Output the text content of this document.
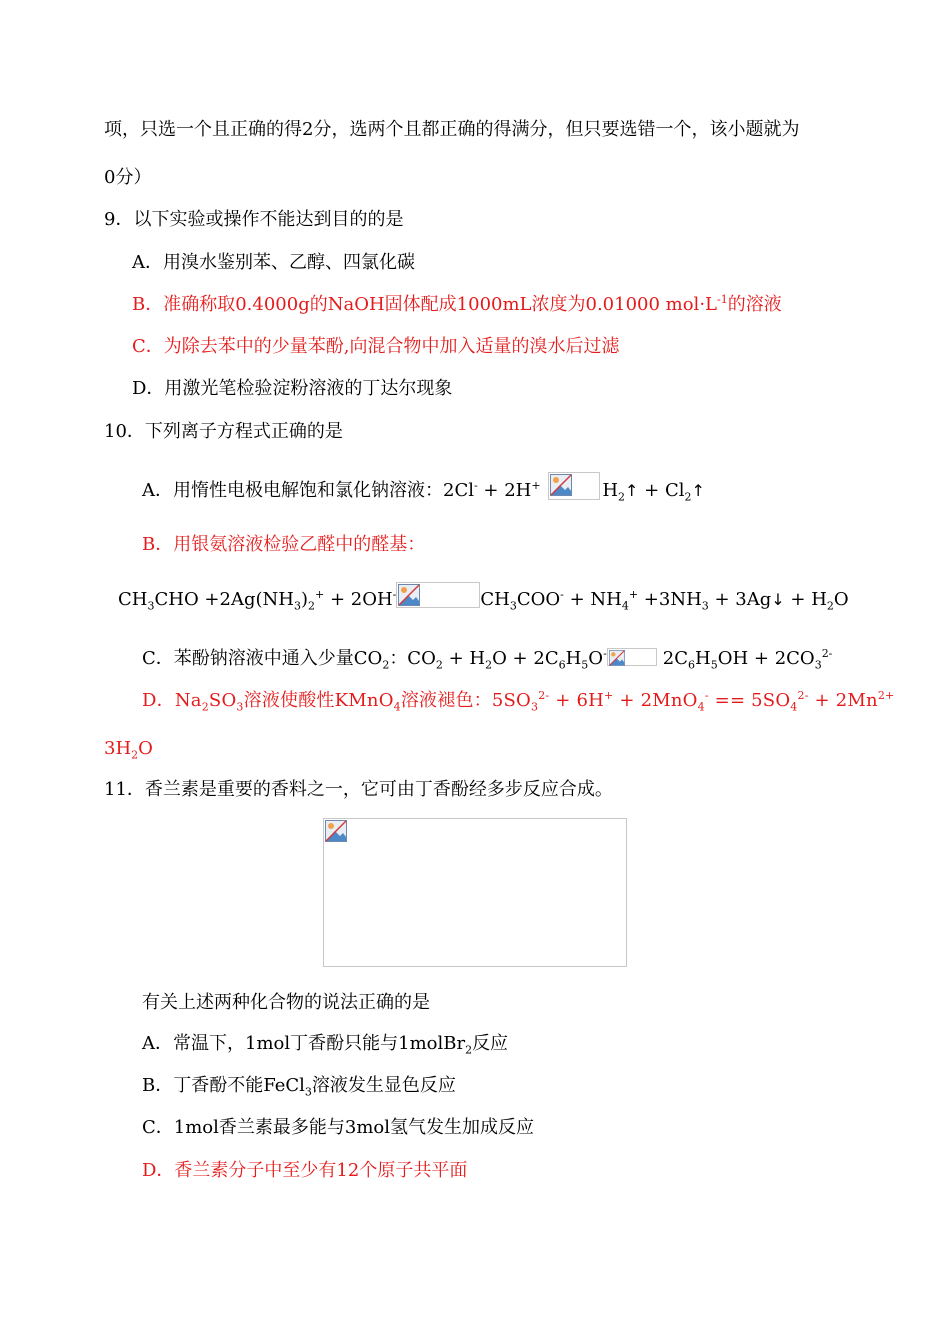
项，只选一个且正确的得2分，选两个且都正确的得满分，但只要选错一个，该小题就为
0分）
9．以下实验或操作不能达到目的的是
A．用溴水鉴别苯、乙醇、四氯化碳
B．准确称取0.4000g的NaOH固体配成1000mL浓度为0.01000 $mol\cdot L^{-1}$的溶液
C．为除去苯中的少量苯酚,向混合物中加入适量的溴水后过滤
D．用激光笔检验淀粉溶液的丁达尔现象
10．下列离子方程式正确的是
A．用惰性电极电解饱和氯化钠溶液：2Cl- + 2H+	$H_2↑$ + $Cl_2↑$
B．用银氨溶液检验乙醛中的醛基：
$CH_3CHO +2Ag(NH_3)_2^+ + 2OH^-$	$CH_3COO^- + NH_4^+ +3NH_3$ + 3Ag↓ + $H_2O$
C．苯酚钠溶液中通入少量$CO_2$：$CO_2 + H_2O + 2C_6H_5O^-$	$2C_6H_5OH + 2CO_3^{2-}$
D．$Na_2SO_3$溶液使酸性KMnO$_4$溶液褪色：$5SO_3^{2-} + 6H^+ + 2MnO_4^- == 5SO_4^{2-} + 2Mn^{2+}$
$3H_2O$
11．香兰素是重要的香料之一，它可由丁香酚经多步反应合成。
有关上述两种化合物的说法正确的是
A．常温下，1mol丁香酚只能与1molBr$_2$反应
B．丁香酚不能FeCl$_3$溶液发生显色反应
C．1mol香兰素最多能与3mol氢气发生加成反应
D．香兰素分子中至少有12个原子共平面
